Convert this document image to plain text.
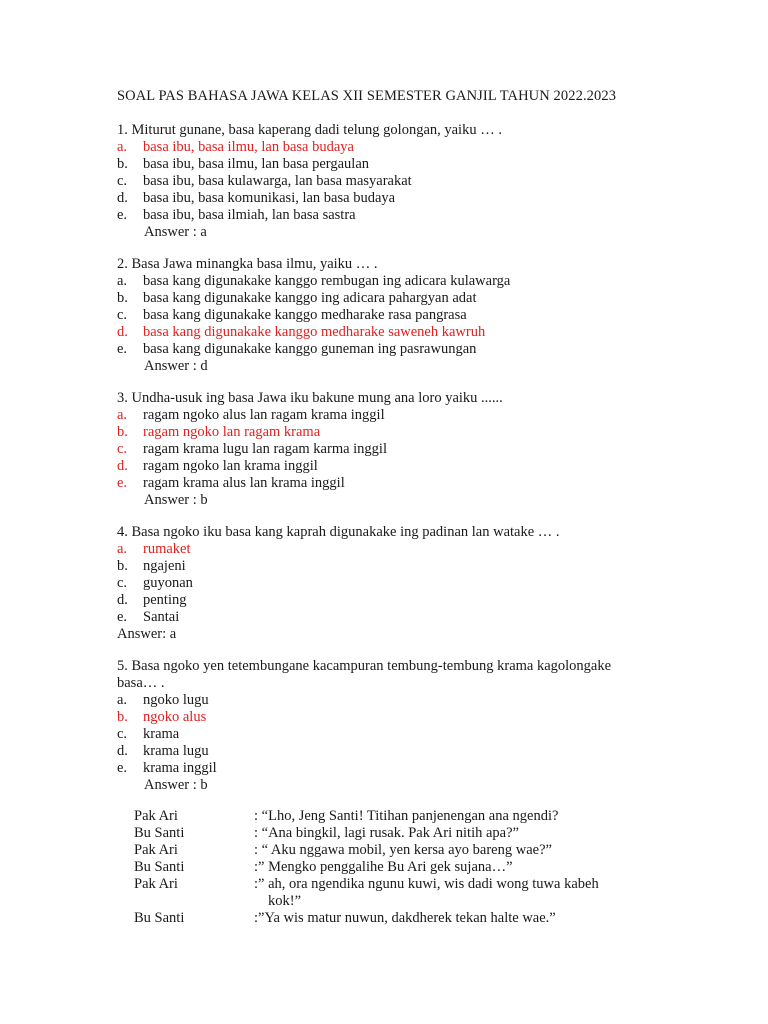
SOAL PAS BAHASA JAWA KELAS XII SEMESTER GANJIL TAHUN 2022.2023
1. Miturut gunane, basa kaperang dadi telung golongan, yaiku … .
a. basa ibu, basa ilmu, lan basa budaya
b. basa ibu, basa ilmu, lan basa pergaulan
c. basa ibu, basa kulawarga, lan basa masyarakat
d. basa ibu, basa komunikasi, lan basa budaya
e. basa ibu, basa ilmiah, lan basa sastra
Answer : a
2. Basa Jawa minangka basa ilmu, yaiku … .
a. basa kang digunakake kanggo rembugan ing adicara kulawarga
b. basa kang digunakake kanggo ing adicara pahargyan adat
c. basa kang digunakake kanggo medharake rasa pangrasa
d. basa kang digunakake kanggo medharake saweneh kawruh
e. basa kang digunakake kanggo guneman ing pasrawungan
Answer : d
3. Undha-usuk ing basa Jawa iku bakune mung ana loro yaiku ......
a. ragam ngoko alus lan ragam krama inggil
b. ragam ngoko lan ragam krama
c. ragam krama lugu lan ragam karma inggil
d. ragam ngoko lan krama inggil
e. ragam krama alus lan krama inggil
Answer : b
4. Basa ngoko iku basa kang kaprah digunakake ing padinan lan watake … .
a. rumaket
b. ngajeni
c. guyonan
d. penting
e. Santai
Answer: a
5. Basa ngoko yen tetembungane kacampuran tembung-tembung krama kagolongake
basa… .
a. ngoko lugu
b. ngoko alus
c. krama
d. krama lugu
e. krama inggil
Answer : b
Pak Ari	: “Lho, Jeng Santi! Titihan panjenengan ana ngendi?
Bu Santi	: “Ana bingkil, lagi rusak. Pak Ari nitih apa?”
Pak Ari	: “ Aku nggawa mobil, yen kersa ayo bareng wae?”
Bu Santi	:” Mengko penggalihe Bu Ari gek sujana…”
Pak Ari	:” ah, ora ngendika ngunu kuwi, wis dadi wong tuwa kabeh
kok!”
Bu Santi	:”Ya wis matur nuwun, dakdherek tekan halte wae.”
